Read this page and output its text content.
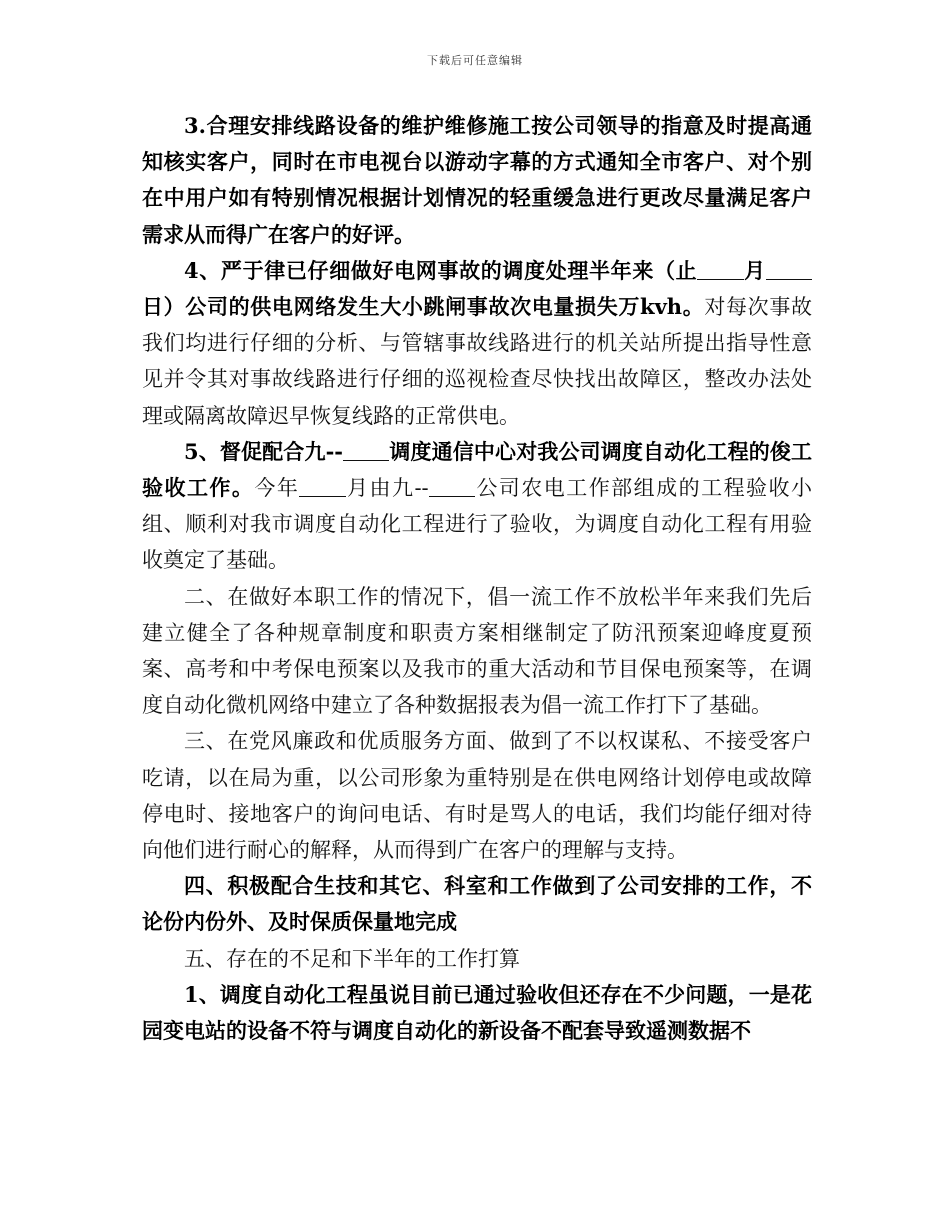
下载后可任意编辑

3.合理安排线路设备的维护维修施工按公司领导的指意及时提高通知核实客户，同时在市电视台以游动字幕的方式通知全市客户、对个别在中用户如有特别情况根据计划情况的轻重缓急进行更改尽量满足客户需求从而得广在客户的好评。

4、严于律已仔细做好电网事故的调度处理半年来（止 月日）公司的供电网络发生大小跳闸事故次电量损失万kvh。对每次事故我们均进行仔细的分析、与管辖事故线路进行的机关站所提出指导性意见并令其对事故线路进行仔细的巡视检查尽快找出故障区，整改办法处理或隔离故障迟早恢复线路的正常供电。

5、督促配合九-- 调度通信中心对我公司调度自动化工程的俊工验收工作。今年 月由九-- 公司农电工作部组成的工程验收小组、顺利对我市调度自动化工程进行了验收，为调度自动化工程有用验收奠定了基础。

二、在做好本职工作的情况下，倡一流工作不放松半年来我们先后建立健全了各种规章制度和职责方案相继制定了防汛预案迎峰度夏预案、高考和中考保电预案以及我市的重大活动和节目保电预案等，在调度自动化微机网络中建立了各种数据报表为倡一流工作打下了基础。

三、在党风廉政和优质服务方面、做到了不以权谋私、不接受客户吃请，以在局为重，以公司形象为重特别是在供电网络计划停电或故障停电时、接地客户的询问电话、有时是骂人的电话，我们均能仔细对待向他们进行耐心的解释，从而得到广在客户的理解与支持。

四、积极配合生技和其它、科室和工作做到了公司安排的工作，不论份内份外、及时保质保量地完成

五、存在的不足和下半年的工作打算

1、调度自动化工程虽说目前已通过验收但还存在不少问题，一是花园变电站的设备不符与调度自动化的新设备不配套导致遥测数据不
